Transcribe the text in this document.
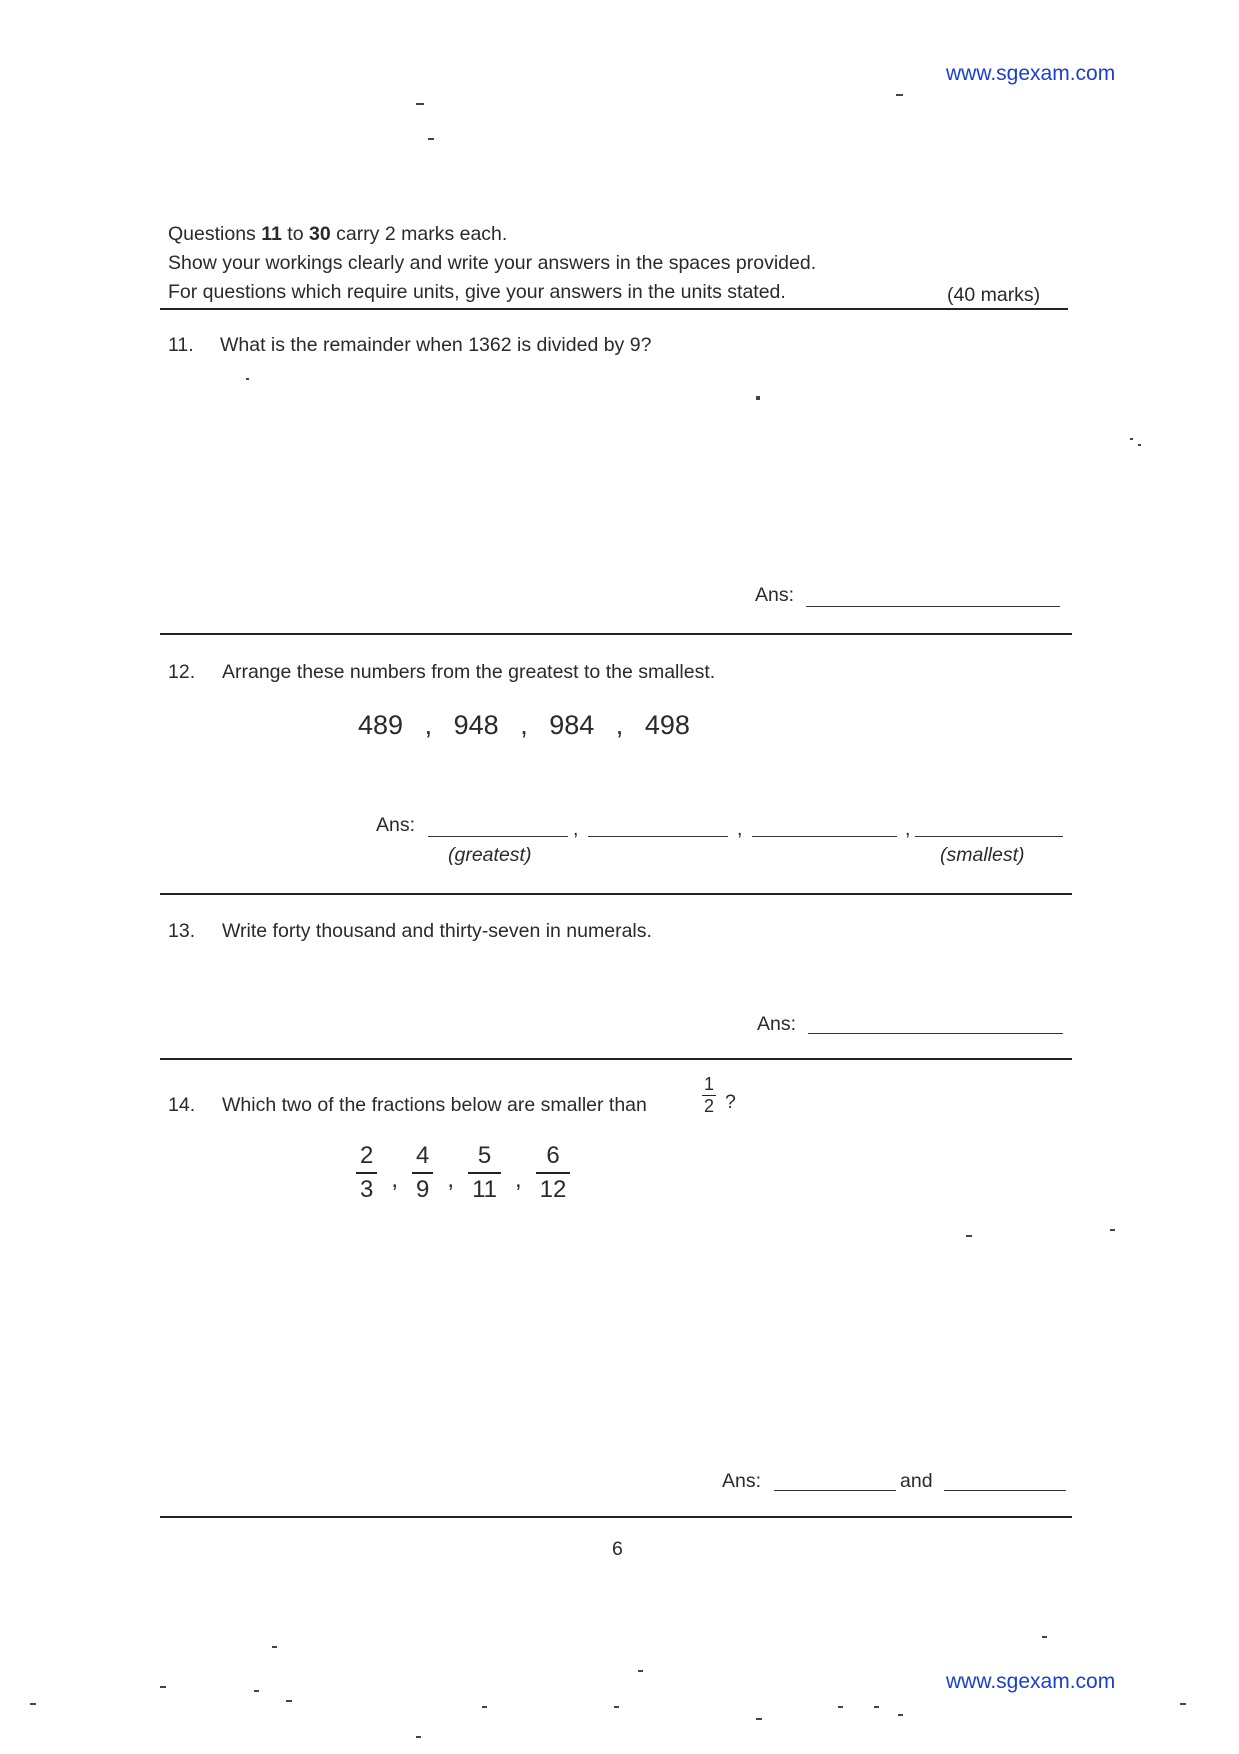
www.sgexam.com
Questions 11 to 30 carry 2 marks each.
Show your workings clearly and write your answers in the spaces provided.
For questions which require units, give your answers in the units stated.	(40 marks)
11. What is the remainder when 1362 is divided by 9?
Ans:
12. Arrange these numbers from the greatest to the smallest.
489 , 948 , 984 , 498
Ans:	,	,	,
(greatest)	(smallest)
13. Write forty thousand and thirty-seven in numerals.
Ans:
14. Which two of the fractions below are smaller than
1
2 ?
$\frac{2}{3}$ , $\frac{4}{9}$ , $\frac{5}{11}$ , $\frac{6}{12}$
Ans:	and
6
www.sgexam.com
